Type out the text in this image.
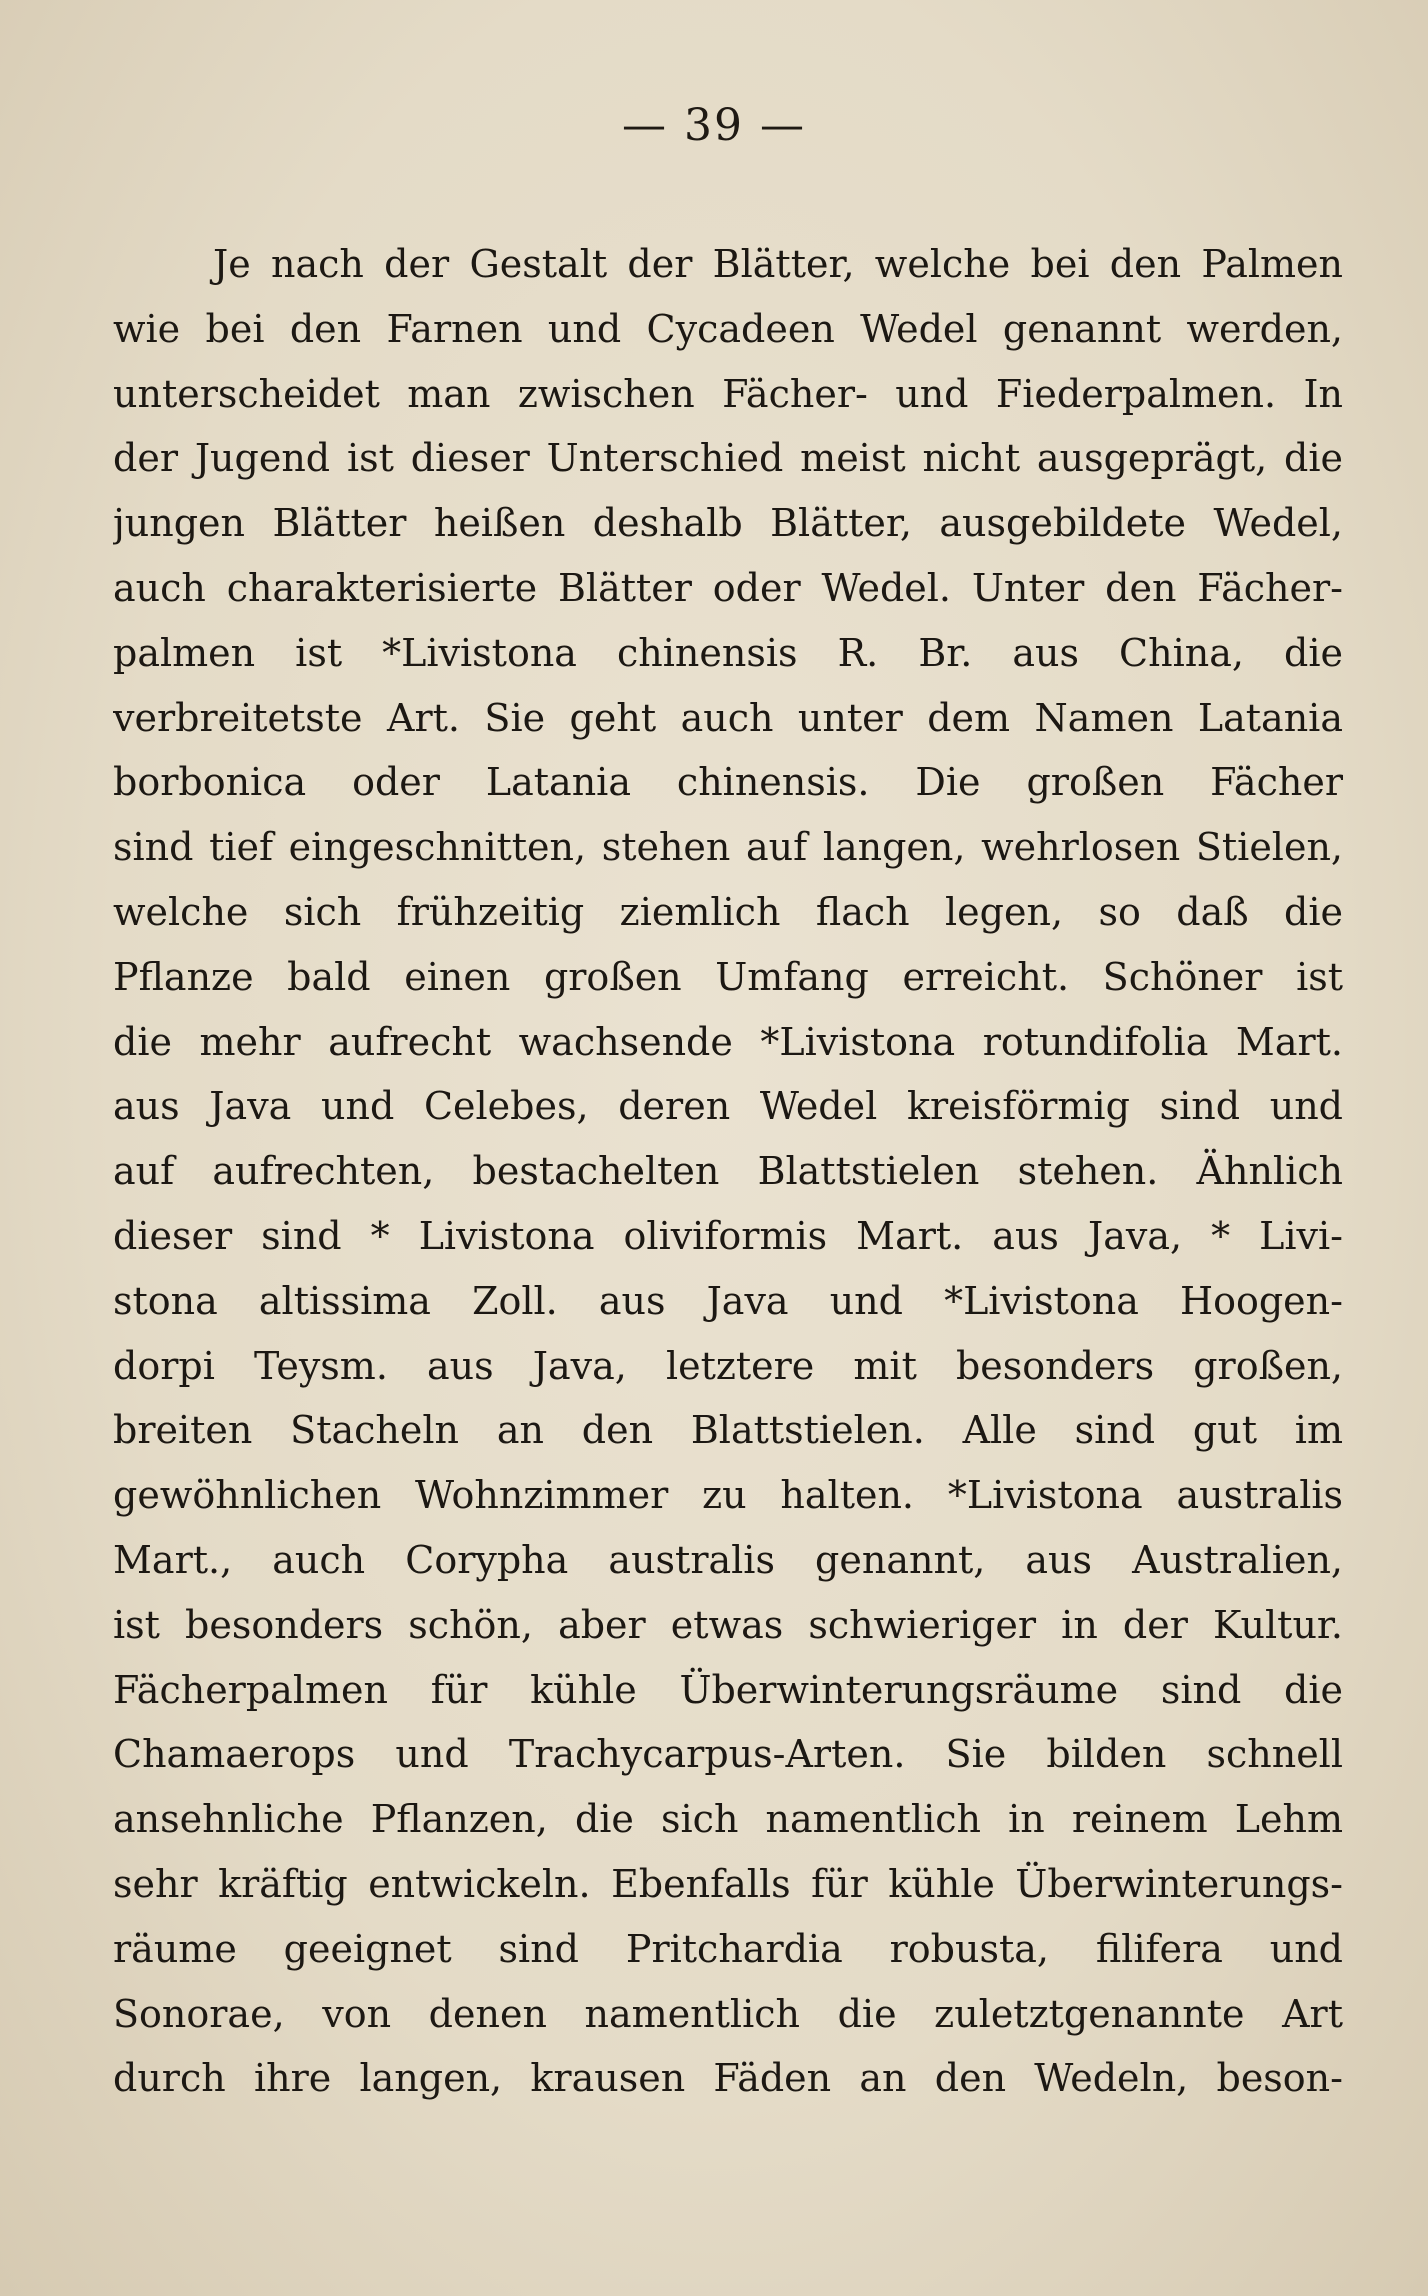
— 39 —
Je nach der Gestalt der Blätter, welche bei den Palmen
wie bei den Farnen und Cycadeen Wedel genannt werden,
unterscheidet man zwischen Fächer- und Fiederpalmen. In
der Jugend ist dieser Unterschied meist nicht ausgeprägt, die
jungen Blätter heißen deshalb Blätter, ausgebildete Wedel,
auch charakterisierte Blätter oder Wedel. Unter den Fächer-
palmen ist *Livistona chinensis R. Br. aus China, die
verbreitetste Art. Sie geht auch unter dem Namen Latania
borbonica oder Latania chinensis. Die großen Fächer
sind tief eingeschnitten, stehen auf langen, wehrlosen Stielen,
welche sich frühzeitig ziemlich flach legen, so daß die
Pflanze bald einen großen Umfang erreicht. Schöner ist
die mehr aufrecht wachsende *Livistona rotundifolia Mart.
aus Java und Celebes, deren Wedel kreisförmig sind und
auf aufrechten, bestachelten Blattstielen stehen. Ähnlich
dieser sind * Livistona oliviformis Mart. aus Java, * Livi-
stona altissima Zoll. aus Java und *Livistona Hoogen-
dorpi Teysm. aus Java, letztere mit besonders großen,
breiten Stacheln an den Blattstielen. Alle sind gut im
gewöhnlichen Wohnzimmer zu halten. *Livistona australis
Mart., auch Corypha australis genannt, aus Australien,
ist besonders schön, aber etwas schwieriger in der Kultur.
Fächerpalmen für kühle Überwinterungsräume sind die
Chamaerops und Trachycarpus-Arten. Sie bilden schnell
ansehnliche Pflanzen, die sich namentlich in reinem Lehm
sehr kräftig entwickeln. Ebenfalls für kühle Überwinterungs-
räume geeignet sind Pritchardia robusta, filifera und
Sonorae, von denen namentlich die zuletztgenannte Art
durch ihre langen, krausen Fäden an den Wedeln, beson-
